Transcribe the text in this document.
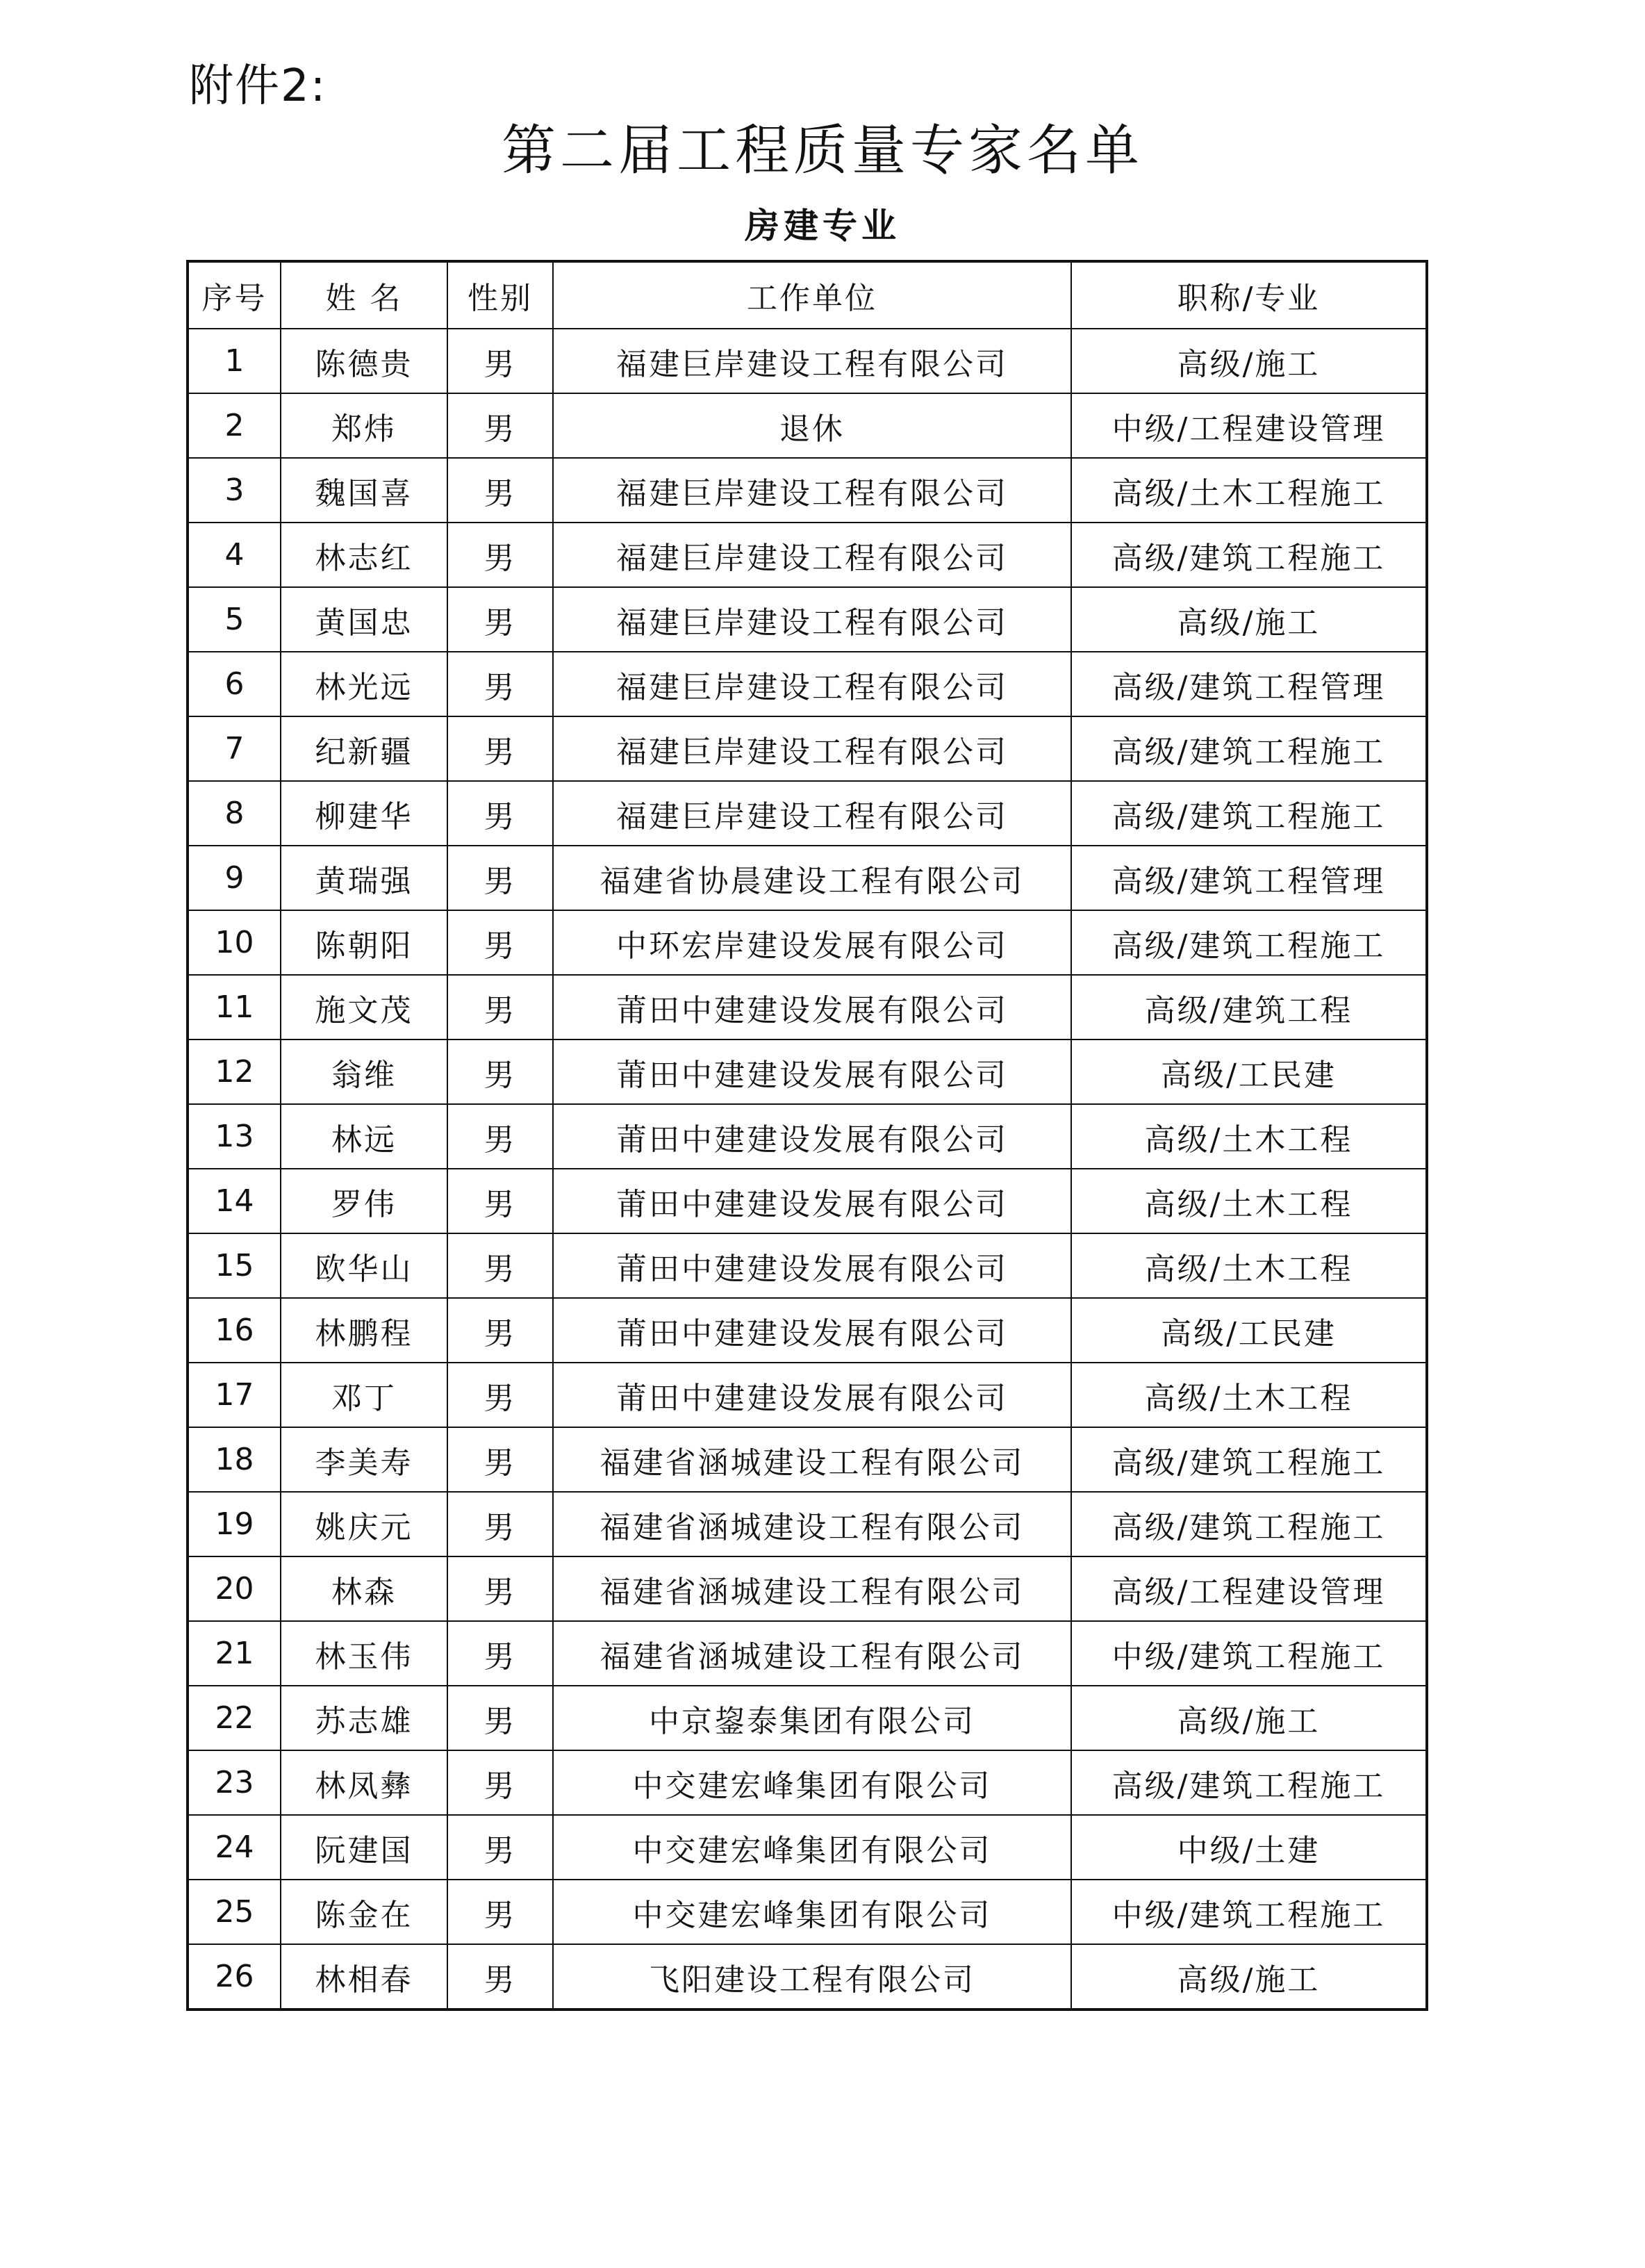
附件2:
第二届工程质量专家名单
房建专业
序号	姓 名	性别	工作单位	职称/专业
1	陈德贵	男	福建巨岸建设工程有限公司	高级/施工
2	郑炜	男	退休	中级/工程建设管理
3	魏国喜	男	福建巨岸建设工程有限公司	高级/土木工程施工
4	林志红	男	福建巨岸建设工程有限公司	高级/建筑工程施工
5	黄国忠	男	福建巨岸建设工程有限公司	高级/施工
6	林光远	男	福建巨岸建设工程有限公司	高级/建筑工程管理
7	纪新疆	男	福建巨岸建设工程有限公司	高级/建筑工程施工
8	柳建华	男	福建巨岸建设工程有限公司	高级/建筑工程施工
9	黄瑞强	男	福建省协晨建设工程有限公司	高级/建筑工程管理
10	陈朝阳	男	中环宏岸建设发展有限公司	高级/建筑工程施工
11	施文茂	男	莆田中建建设发展有限公司	高级/建筑工程
12	翁维	男	莆田中建建设发展有限公司	高级/工民建
13	林远	男	莆田中建建设发展有限公司	高级/土木工程
14	罗伟	男	莆田中建建设发展有限公司	高级/土木工程
15	欧华山	男	莆田中建建设发展有限公司	高级/土木工程
16	林鹏程	男	莆田中建建设发展有限公司	高级/工民建
17	邓丁	男	莆田中建建设发展有限公司	高级/土木工程
18	李美寿	男	福建省涵城建设工程有限公司	高级/建筑工程施工
19	姚庆元	男	福建省涵城建设工程有限公司	高级/建筑工程施工
20	林森	男	福建省涵城建设工程有限公司	高级/工程建设管理
21	林玉伟	男	福建省涵城建设工程有限公司	中级/建筑工程施工
22	苏志雄	男	中京鋆泰集团有限公司	高级/施工
23	林凤彝	男	中交建宏峰集团有限公司	高级/建筑工程施工
24	阮建国	男	中交建宏峰集团有限公司	中级/土建
25	陈金在	男	中交建宏峰集团有限公司	中级/建筑工程施工
26	林相春	男	飞阳建设工程有限公司	高级/施工
